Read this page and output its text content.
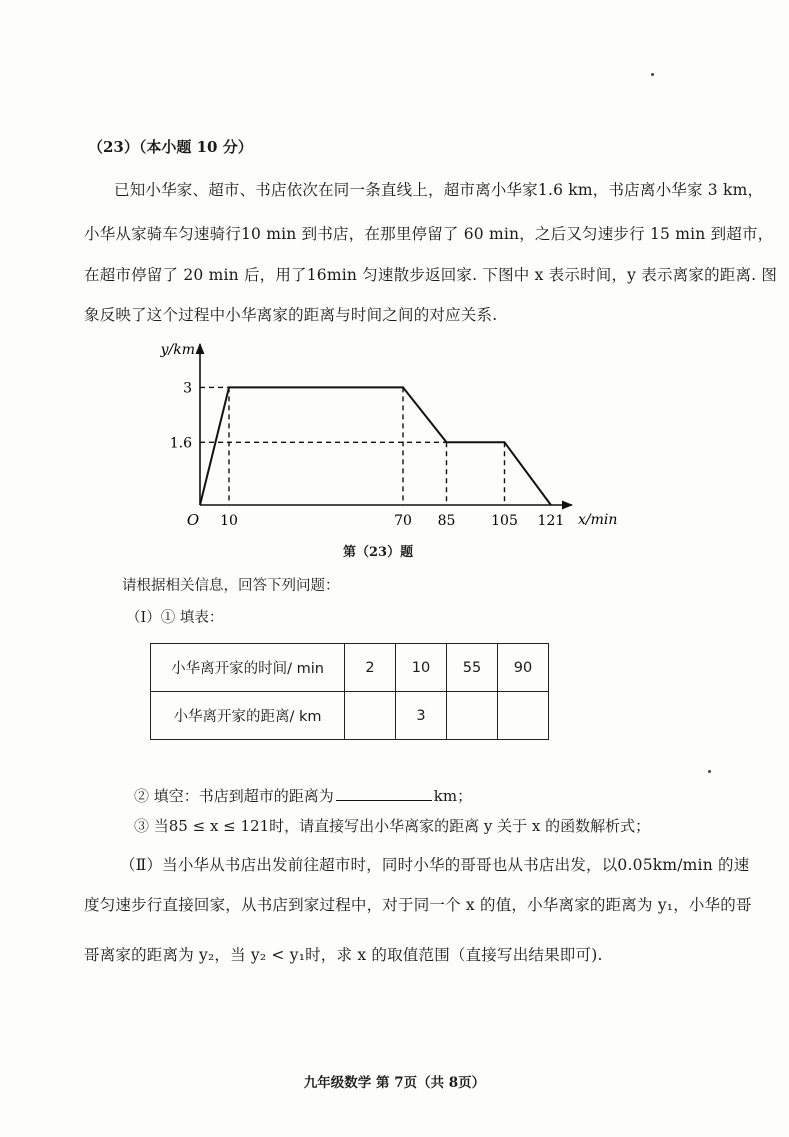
（23）（本小题 10 分）
已知小华家、超市、书店依次在同一条直线上，超市离小华家1.6 km，书店离小华家 3 km，
小华从家骑车匀速骑行10 min 到书店，在那里停留了 60 min，之后又匀速步行 15 min 到超市，
在超市停留了 20 min 后，用了16min 匀速散步返回家. 下图中 x 表示时间，y 表示离家的距离. 图
象反映了这个过程中小华离家的距离与时间之间的对应关系.
10	70 85	105 121
3
1.6
O	x/min
y/km
第（23）题
请根据相关信息，回答下列问题：
（Ⅰ）① 填表：
小华离开家的时间/ min	2	10	55	90
小华离开家的距离/ km		3		
② 填空：书店到超市的距离为	km；
③ 当85 ≤ x ≤ 121时，请直接写出小华离家的距离 y 关于 x 的函数解析式；
（Ⅱ）当小华从书店出发前往超市时，同时小华的哥哥也从书店出发，以0.05km/min 的速
度匀速步行直接回家，从书店到家过程中，对于同一个 x 的值，小华离家的距离为 y₁，小华的哥
哥离家的距离为 y₂，当 y₂ < y₁时，求 x 的取值范围（直接写出结果即可).
九年级数学 第 7页（共 8页）
